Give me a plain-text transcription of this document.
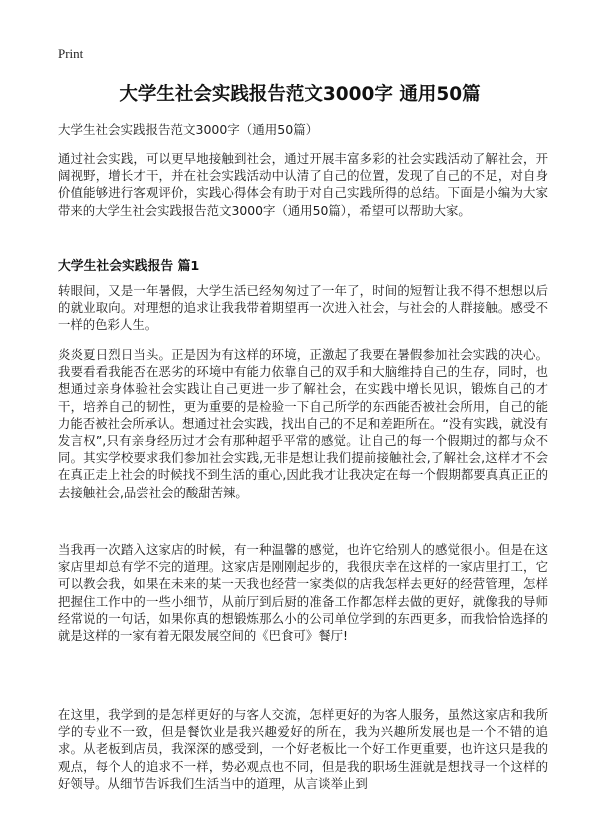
Print
大学生社会实践报告范文3000字 通用50篇
大学生社会实践报告范文3000字（通用50篇）

通过社会实践，可以更早地接触到社会，通过开展丰富多彩的社会实践活动了解社会，开阔视野，增长才干，并在社会实践活动中认清了自己的位置，发现了自己的不足，对自身价值能够进行客观评价，实践心得体会有助于对自己实践所得的总结。下面是小编为大家带来的大学生社会实践报告范文3000字（通用50篇），希望可以帮助大家。

大学生社会实践报告 篇1

转眼间，又是一年暑假，大学生活已经匆匆过了一年了，时间的短暂让我不得不想想以后的就业取向。对理想的追求让我我带着期望再一次进入社会，与社会的人群接触。感受不一样的色彩人生。

炎炎夏日烈日当头。正是因为有这样的环境，正激起了我要在暑假参加社会实践的决心。我要看看我能否在恶劣的环境中有能力依靠自己的双手和大脑维持自己的生存，同时，也想通过亲身体验社会实践让自己更进一步了解社会，在实践中增长见识，锻炼自己的才干，培养自己的韧性，更为重要的是检验一下自己所学的东西能否被社会所用，自己的能力能否被社会所承认。想通过社会实践，找出自己的不足和差距所在。“没有实践，就没有发言权”,只有亲身经历过才会有那种超乎平常的感觉。让自己的每一个假期过的都与众不同。其实学校要求我们参加社会实践,无非是想让我们提前接触社会,了解社会,这样才不会在真正走上社会的时候找不到生活的重心,因此我才让我决定在每一个假期都要真真正正的去接触社会,品尝社会的酸甜苦辣。

当我再一次踏入这家店的时候，有一种温馨的感觉，也许它给别人的感觉很小。但是在这家店里却总有学不完的道理。这家店是刚刚起步的，我很庆幸在这样的一家店里打工，它可以教会我，如果在未来的某一天我也经营一家类似的店我怎样去更好的经营管理，怎样把握住工作中的一些小细节，从前厅到后厨的准备工作都怎样去做的更好，就像我的导师经常说的一句话，如果你真的想锻炼那么小的公司单位学到的东西更多，而我恰恰选择的就是这样的一家有着无限发展空间的《巴食可》餐厅!

在这里，我学到的是怎样更好的与客人交流，怎样更好的为客人服务，虽然这家店和我所学的专业不一致，但是餐饮业是我兴趣爱好的所在，我为兴趣所发展也是一个不错的追求。从老板到店员，我深深的感受到，一个好老板比一个好工作更重要，也许这只是我的观点，每个人的追求不一样，势必观点也不同，但是我的职场生涯就是想找寻一个这样的好领导。从细节告诉我们生活当中的道理，从言谈举止到
